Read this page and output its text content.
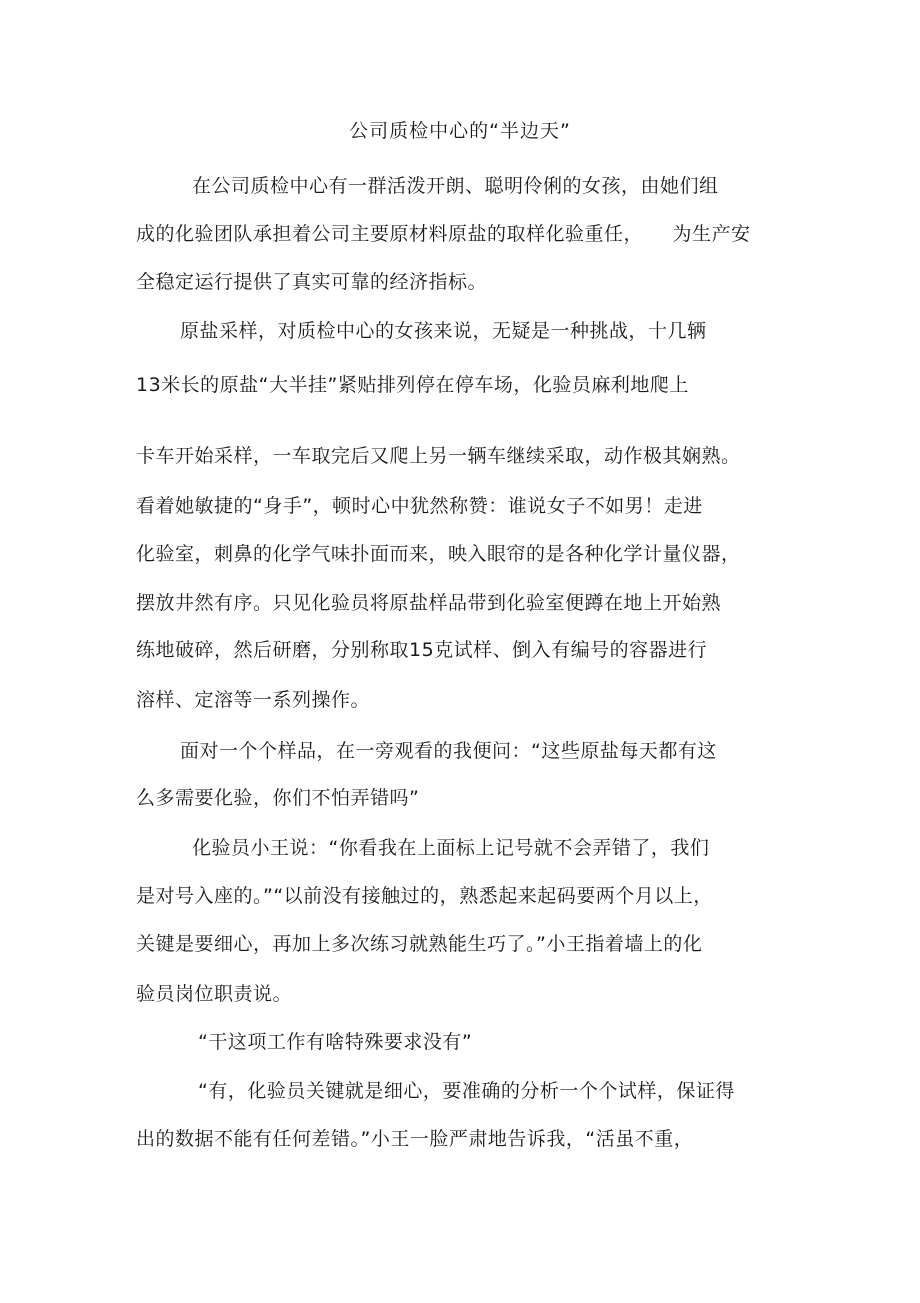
公司质检中心的“半边天”
在公司质检中心有一群活泼开朗、聪明伶俐的女孩，由她们组
成的化验团队承担着公司主要原材料原盐的取样化验重任，　　为生产安
全稳定运行提供了真实可靠的经济指标。
原盐采样，对质检中心的女孩来说，无疑是一种挑战，十几辆
13米长的原盐“大半挂”紧贴排列停在停车场，化验员麻利地爬上
卡车开始采样，一车取完后又爬上另一辆车继续采取，动作极其娴熟。
看着她敏捷的“身手”，顿时心中犹然称赞：谁说女子不如男！走进
化验室，刺鼻的化学气味扑面而来，映入眼帘的是各种化学计量仪器，
摆放井然有序。只见化验员将原盐样品带到化验室便蹲在地上开始熟
练地破碎，然后研磨，分别称取15克试样、倒入有编号的容器进行
溶样、定溶等一系列操作。
面对一个个样品，在一旁观看的我便问：“这些原盐每天都有这
么多需要化验，你们不怕弄错吗”
化验员小王说：“你看我在上面标上记号就不会弄错了，我们
是对号入座的。”“以前没有接触过的，熟悉起来起码要两个月以上，
关键是要细心，再加上多次练习就熟能生巧了。”小王指着墙上的化
验员岗位职责说。
“干这项工作有啥特殊要求没有”
“有，化验员关键就是细心，要准确的分析一个个试样，保证得
出的数据不能有任何差错。”小王一脸严肃地告诉我，“活虽不重，
